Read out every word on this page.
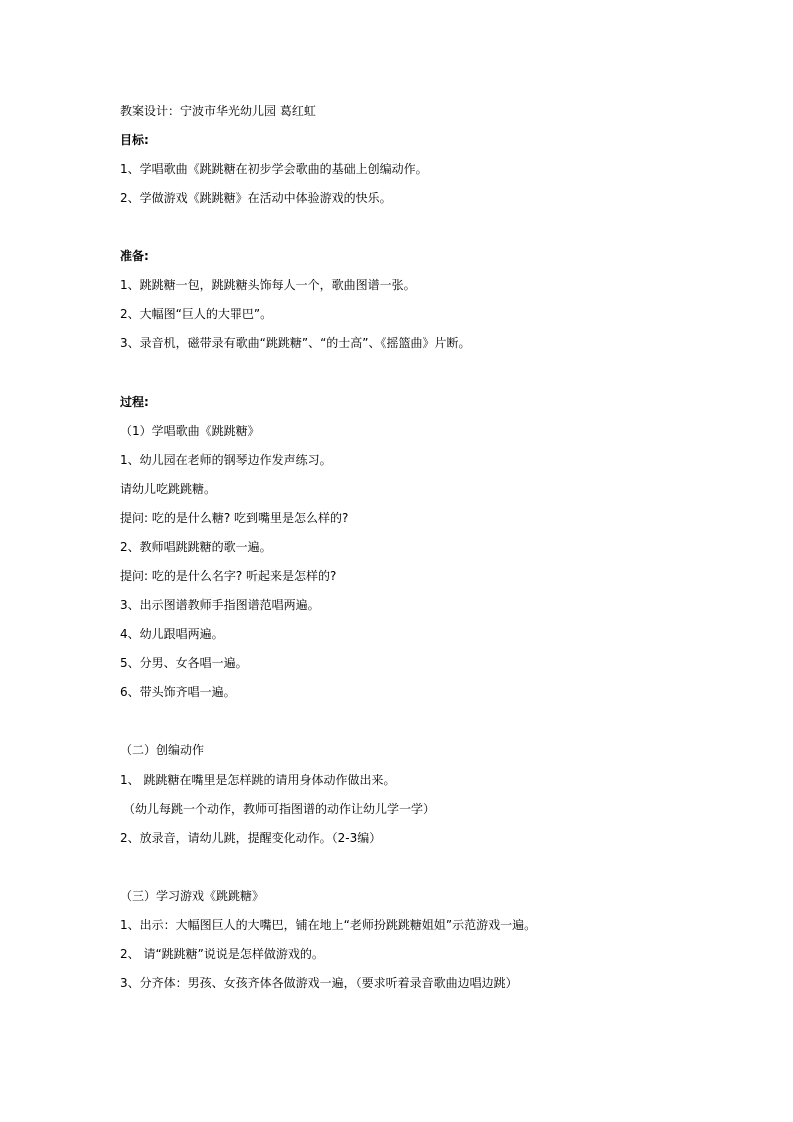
教案设计：宁波市华光幼儿园 葛红虹
目标:
1、学唱歌曲《跳跳糖在初步学会歌曲的基础上创编动作。
2、学做游戏《跳跳糖》在活动中体验游戏的快乐。
准备:
1、跳跳糖一包，跳跳糖头饰每人一个，歌曲图谱一张。
2、大幅图“巨人的大罪巴”。
3、录音机，磁带录有歌曲“跳跳糖”、“的士高”、《摇篮曲》片断。
过程:
（1）学唱歌曲《跳跳糖》
1、幼儿园在老师的钢琴边作发声练习。
请幼儿吃跳跳糖。
提问: 吃的是什么糖? 吃到嘴里是怎么样的?
2、教师唱跳跳糖的歌一遍。
提问: 吃的是什么名字? 听起来是怎样的?
3、出示图谱教师手指图谱范唱两遍。
4、幼儿跟唱两遍。
5、分男、女各唱一遍。
6、带头饰齐唱一遍。
（二）创编动作
1、 跳跳糖在嘴里是怎样跳的请用身体动作做出来。
（幼儿每跳一个动作，教师可指图谱的动作让幼儿学一学）
2、放录音，请幼儿跳，提醒变化动作。（2-3编）
（三）学习游戏《跳跳糖》
1、出示：大幅图巨人的大嘴巴，铺在地上“老师扮跳跳糖姐姐”示范游戏一遍。
2、 请“跳跳糖”说说是怎样做游戏的。
3、分齐体：男孩、女孩齐体各做游戏一遍，（要求听着录音歌曲边唱边跳）
